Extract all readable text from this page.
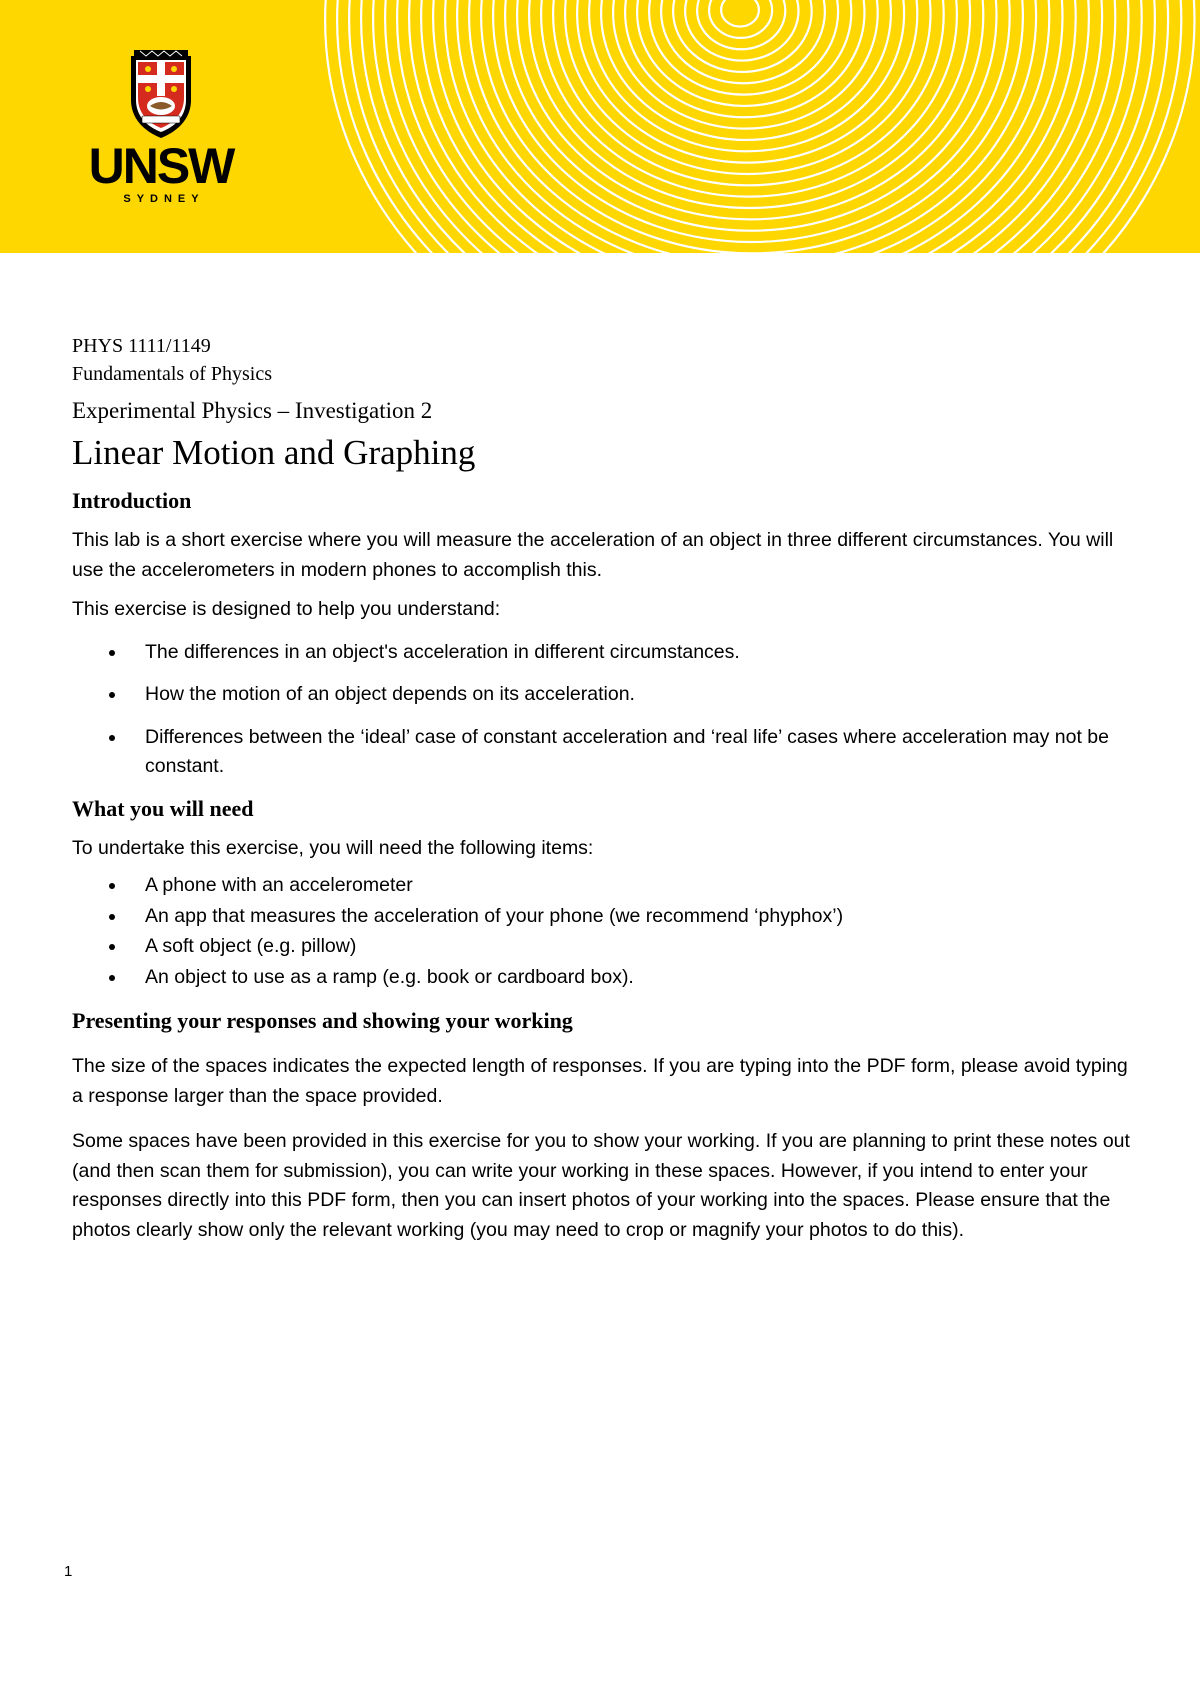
UNSW
SYDNEY
PHYS 1111/1149
Fundamentals of Physics
Experimental Physics – Investigation 2
Linear Motion and Graphing
Introduction

This lab is a short exercise where you will measure the acceleration of an object in three different circumstances. You will use the accelerometers in modern phones to accomplish this.

This exercise is designed to help you understand:

The differences in an object's acceleration in different circumstances.
How the motion of an object depends on its acceleration.
Differences between the ‘ideal’ case of constant acceleration and ‘real life’ cases where acceleration may not be constant.
What you will need

To undertake this exercise, you will need the following items:

A phone with an accelerometer
An app that measures the acceleration of your phone (we recommend ‘phyphox’)
A soft object (e.g. pillow)
An object to use as a ramp (e.g. book or cardboard box).
Presenting your responses and showing your working

The size of the spaces indicates the expected length of responses. If you are typing into the PDF form, please avoid typing a response larger than the space provided.

Some spaces have been provided in this exercise for you to show your working. If you are planning to print these notes out (and then scan them for submission), you can write your working in these spaces. However, if you intend to enter your responses directly into this PDF form, then you can insert photos of your working into the spaces. Please ensure that the photos clearly show only the relevant working (you may need to crop or magnify your photos to do this).

1
